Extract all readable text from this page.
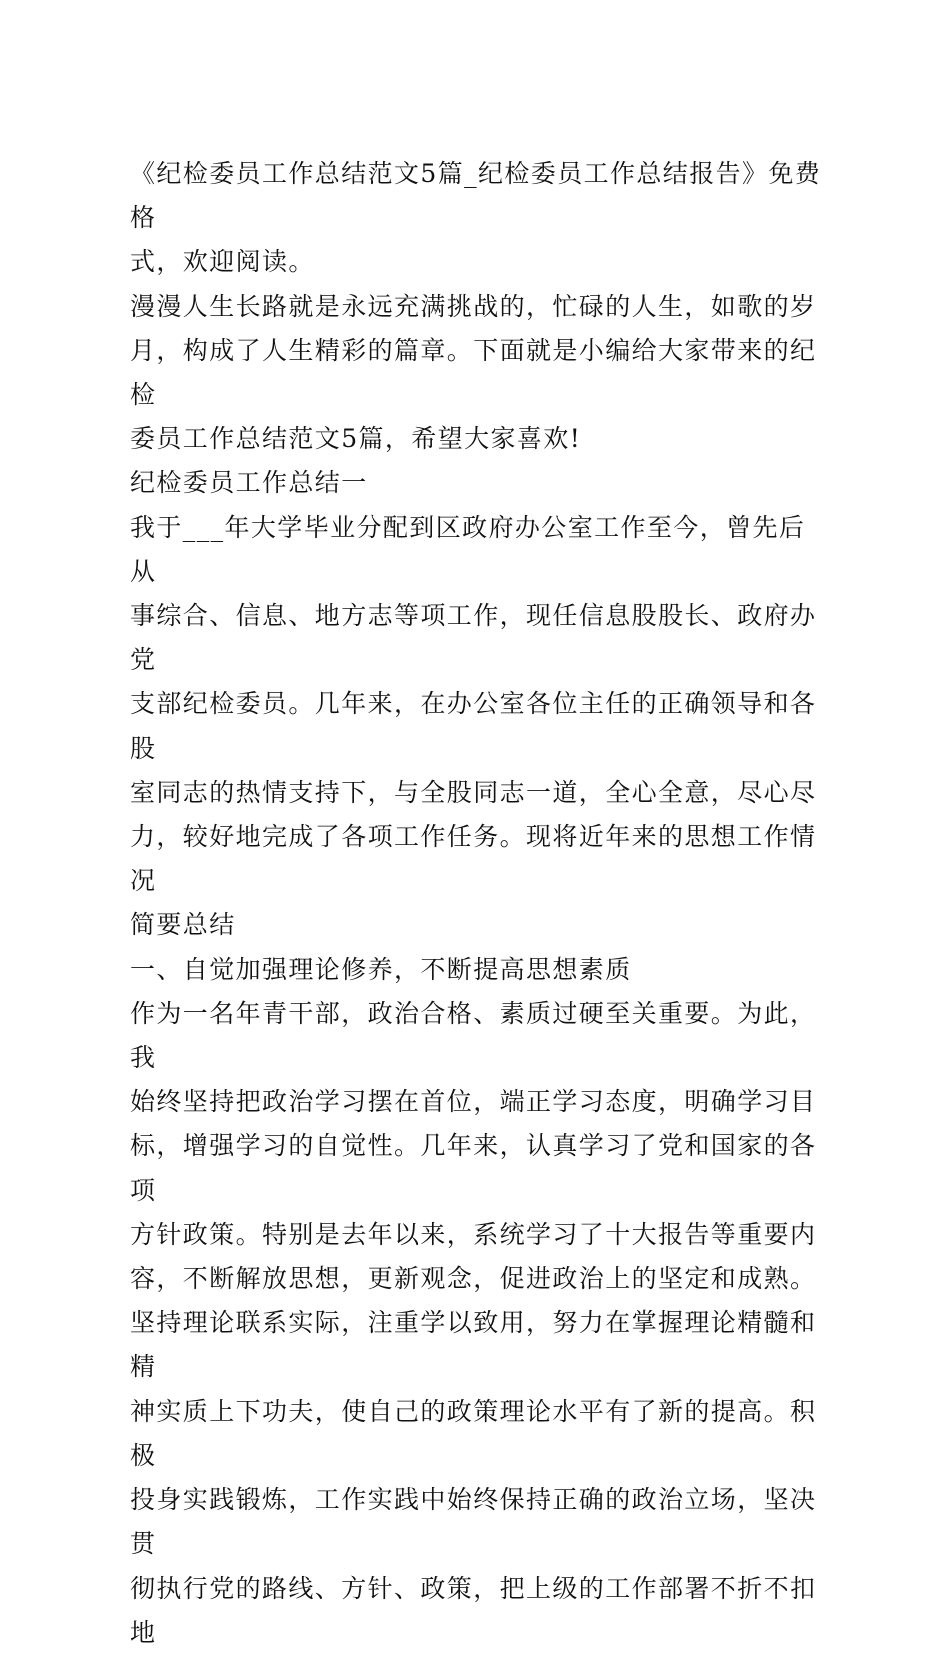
《纪检委员工作总结范文5篇_纪检委员工作总结报告》免费格

式，欢迎阅读。

漫漫人生长路就是永远充满挑战的，忙碌的人生，如歌的岁

月，构成了人生精彩的篇章。下面就是小编给大家带来的纪检

委员工作总结范文5篇，希望大家喜欢!

纪检委员工作总结一

我于___年大学毕业分配到区政府办公室工作至今，曾先后从

事综合、信息、地方志等项工作，现任信息股股长、政府办党

支部纪检委员。几年来，在办公室各位主任的正确领导和各股

室同志的热情支持下，与全股同志一道，全心全意，尽心尽

力，较好地完成了各项工作任务。现将近年来的思想工作情况

简要总结

一、自觉加强理论修养，不断提高思想素质

作为一名年青干部，政治合格、素质过硬至关重要。为此，我

始终坚持把政治学习摆在首位，端正学习态度，明确学习目

标，增强学习的自觉性。几年来，认真学习了党和国家的各项

方针政策。特别是去年以来，系统学习了十大报告等重要内

容，不断解放思想，更新观念，促进政治上的坚定和成熟。

坚持理论联系实际，注重学以致用，努力在掌握理论精髓和精

神实质上下功夫，使自己的政策理论水平有了新的提高。积极

投身实践锻炼，工作实践中始终保持正确的政治立场，坚决贯

彻执行党的路线、方针、政策，把上级的工作部署不折不扣地
